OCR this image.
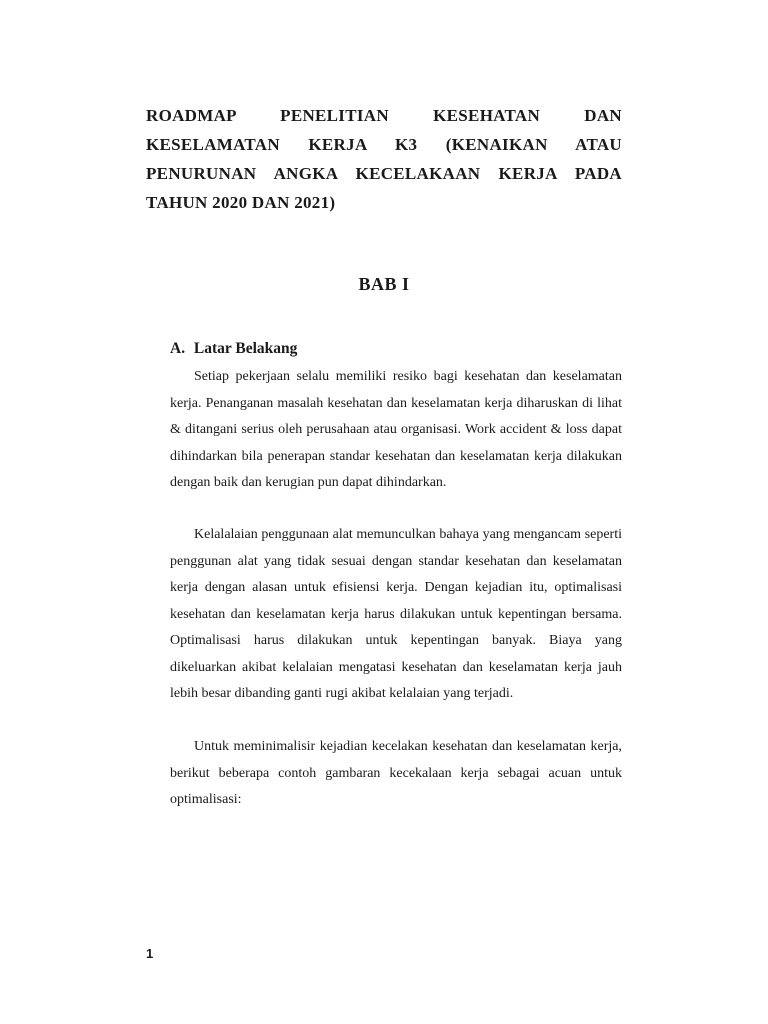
ROADMAP PENELITIAN KESEHATAN DAN
KESELAMATAN KERJA K3 (KENAIKAN ATAU
PENURUNAN ANGKA KECELAKAAN KERJA PADA
TAHUN 2020 DAN 2021)
BAB I
A. Latar Belakang

Setiap pekerjaan selalu memiliki resiko bagi kesehatan dan keselamatan kerja. Penanganan masalah kesehatan dan keselamatan kerja diharuskan di lihat & ditangani serius oleh perusahaan atau organisasi. Work accident & loss dapat dihindarkan bila penerapan standar kesehatan dan keselamatan kerja dilakukan dengan baik dan kerugian pun dapat dihindarkan.

Kelalalaian penggunaan alat memunculkan bahaya yang mengancam seperti penggunan alat yang tidak sesuai dengan standar kesehatan dan keselamatan kerja dengan alasan untuk efisiensi kerja. Dengan kejadian itu, optimalisasi kesehatan dan keselamatan kerja harus dilakukan untuk kepentingan bersama. Optimalisasi harus dilakukan untuk kepentingan banyak. Biaya yang dikeluarkan akibat kelalaian mengatasi kesehatan dan keselamatan kerja jauh lebih besar dibanding ganti rugi akibat kelalaian yang terjadi.

Untuk meminimalisir kejadian kecelakan kesehatan dan keselamatan kerja, berikut beberapa contoh gambaran kecekalaan kerja sebagai acuan untuk optimalisasi:

1
